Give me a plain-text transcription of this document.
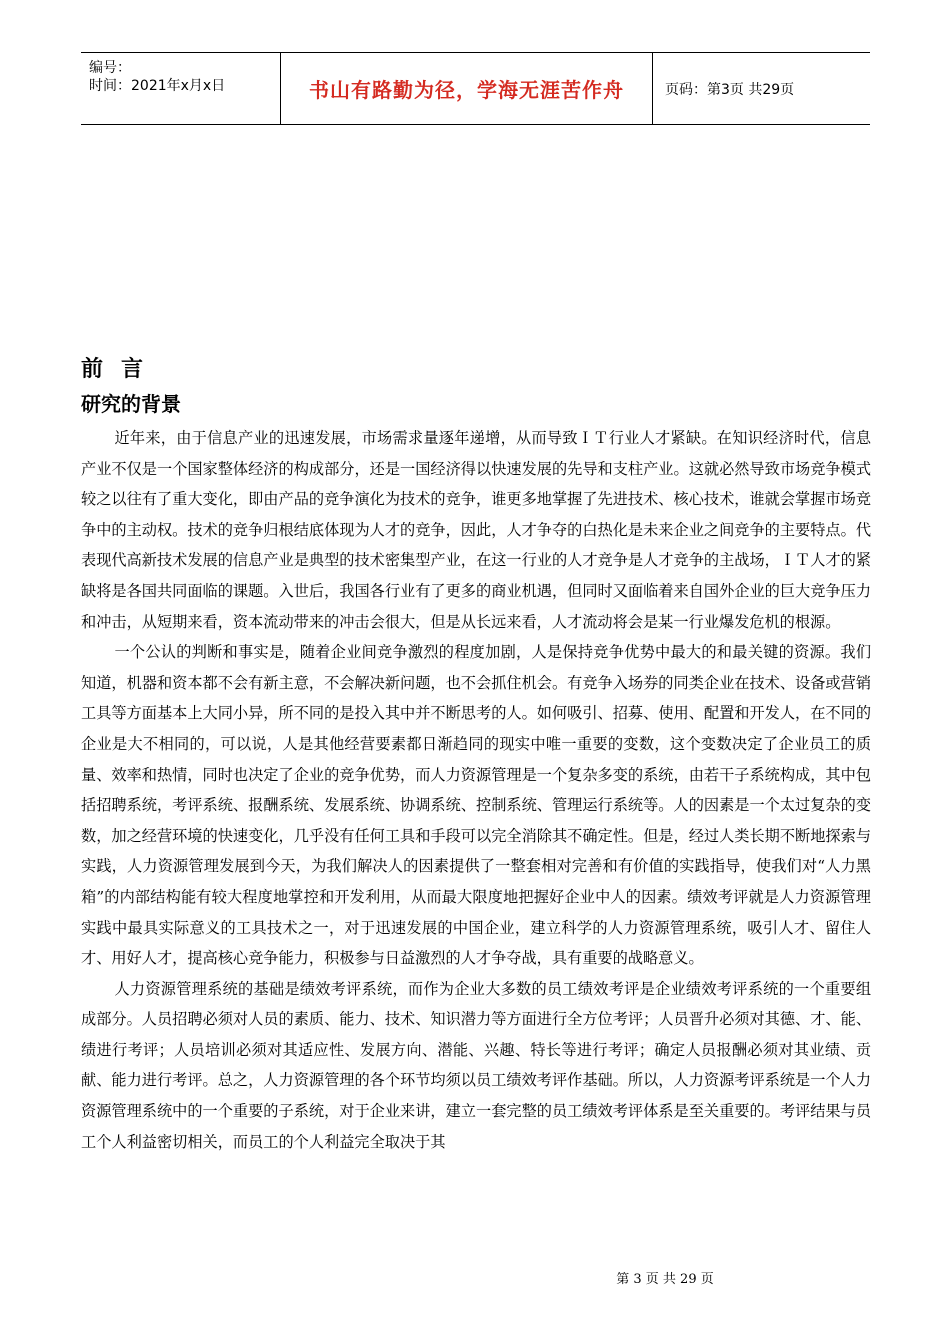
编号：
时间：2021年x月x日	书山有路勤为径，学海无涯苦作舟	页码：第3页 共29页
前言
研究的背景

近年来，由于信息产业的迅速发展，市场需求量逐年递增，从而导致ＩＴ行业人才紧缺。在知识经济时代，信息产业不仅是一个国家整体经济的构成部分，还是一国经济得以快速发展的先导和支柱产业。这就必然导致市场竞争模式较之以往有了重大变化，即由产品的竞争演化为技术的竞争，谁更多地掌握了先进技术、核心技术，谁就会掌握市场竞争中的主动权。技术的竞争归根结底体现为人才的竞争，因此，人才争夺的白热化是未来企业之间竞争的主要特点。代表现代高新技术发展的信息产业是典型的技术密集型产业，在这一行业的人才竞争是人才竞争的主战场，ＩＴ人才的紧缺将是各国共同面临的课题。入世后，我国各行业有了更多的商业机遇，但同时又面临着来自国外企业的巨大竞争压力和冲击，从短期来看，资本流动带来的冲击会很大，但是从长远来看，人才流动将会是某一行业爆发危机的根源。

一个公认的判断和事实是，随着企业间竞争激烈的程度加剧，人是保持竞争优势中最大的和最关键的资源。我们知道，机器和资本都不会有新主意，不会解决新问题，也不会抓住机会。有竞争入场券的同类企业在技术、设备或营销工具等方面基本上大同小异，所不同的是投入其中并不断思考的人。如何吸引、招募、使用、配置和开发人，在不同的企业是大不相同的，可以说，人是其他经营要素都日渐趋同的现实中唯一重要的变数，这个变数决定了企业员工的质量、效率和热情，同时也决定了企业的竞争优势，而人力资源管理是一个复杂多变的系统，由若干子系统构成，其中包括招聘系统，考评系统、报酬系统、发展系统、协调系统、控制系统、管理运行系统等。人的因素是一个太过复杂的变数，加之经营环境的快速变化，几乎没有任何工具和手段可以完全消除其不确定性。但是，经过人类长期不断地探索与实践，人力资源管理发展到今天，为我们解决人的因素提供了一整套相对完善和有价值的实践指导，使我们对“人力黑箱”的内部结构能有较大程度地掌控和开发利用，从而最大限度地把握好企业中人的因素。绩效考评就是人力资源管理实践中最具实际意义的工具技术之一，对于迅速发展的中国企业，建立科学的人力资源管理系统，吸引人才、留住人才、用好人才，提高核心竞争能力，积极参与日益激烈的人才争夺战，具有重要的战略意义。

人力资源管理系统的基础是绩效考评系统，而作为企业大多数的员工绩效考评是企业绩效考评系统的一个重要组成部分。人员招聘必须对人员的素质、能力、技术、知识潜力等方面进行全方位考评；人员晋升必须对其德、才、能、绩进行考评；人员培训必须对其适应性、发展方向、潜能、兴趣、特长等进行考评；确定人员报酬必须对其业绩、贡献、能力进行考评。总之，人力资源管理的各个环节均须以员工绩效考评作基础。所以，人力资源考评系统是一个人力资源管理系统中的一个重要的子系统，对于企业来讲，建立一套完整的员工绩效考评体系是至关重要的。考评结果与员工个人利益密切相关，而员工的个人利益完全取决于其

第 3 页 共 29 页
